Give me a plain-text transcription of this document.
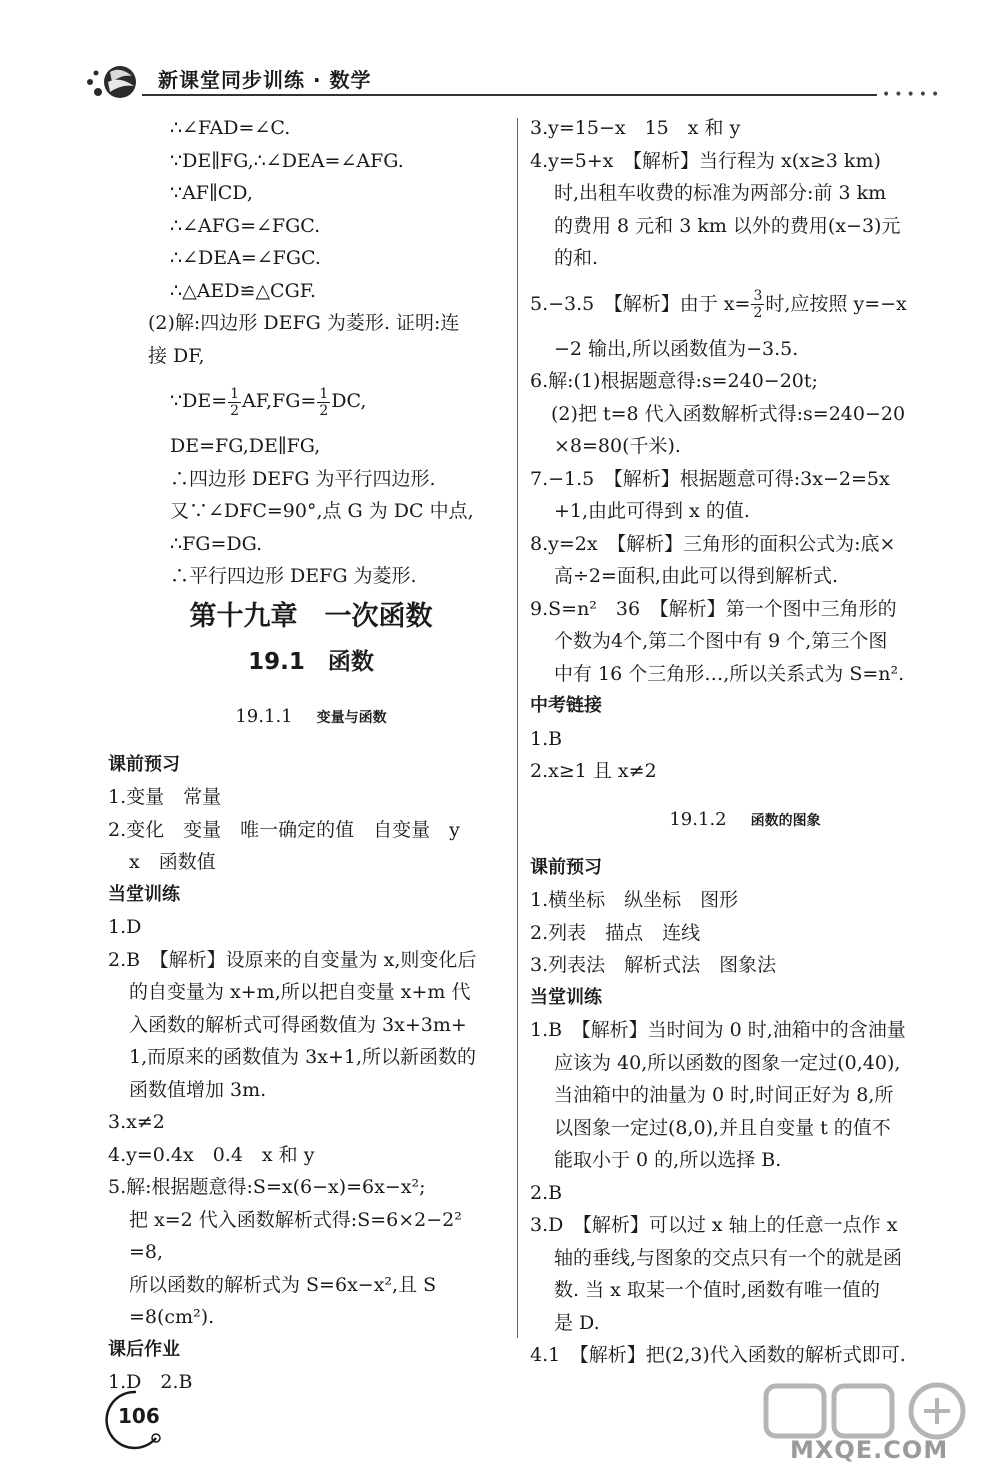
新课堂同步训练 · 数学
•••••
∴∠FAD=∠C.
∵DE∥FG,∴∠DEA=∠AFG.
∵AF∥CD,
∴∠AFG=∠FGC.
∴∠DEA=∠FGC.
∴△AED≌△CGF.
(2)解:四边形 DEFG 为菱形. 证明:连
接 DF,
∵DE= $\frac{1}{2} AF,FG= \frac{1}{2}$ DC,
DE=FG,DE∥FG,
∴四边形 DEFG 为平行四边形.
又∵∠DFC=90°,点 G 为 DC 中点,
∴FG=DG.
∴平行四边形 DEFG 为菱形.
第十九章　一次函数
19.1　函数
19.1.1 变量与函数
课前预习
1.变量　常量
2.变化　变量　唯一确定的值　自变量　y
x　函数值
当堂训练
1.D
2.B　【解析】设原来的自变量为 x,则变化后
的自变量为 x+m,所以把自变量 x+m 代
入函数的解析式可得函数值为 3x+3m+
1,而原来的函数值为 3x+1,所以新函数的
函数值增加 3m.
3.x≠2
4.y=0.4x　0.4　x 和 y
5.解:根据题意得:S=x(6−x)=6x−x²;
把 x=2 代入函数解析式得:S=6×2−2²
=8,
所以函数的解析式为 S=6x−x²,且 S
=8(cm²).
课后作业
1.D　2.B
3.y=15−x　15　x 和 y
4.y=5+x　【解析】当行程为 x(x≥3 km)
时,出租车收费的标准为两部分:前 3 km
的费用 8 元和 3 km 以外的费用(x−3)元
的和.
5.−3.5　【解析】由于 $x= \frac{3}{2}$ 时,应按照 y=−x
−2 输出,所以函数值为−3.5.
6.解:(1)根据题意得:s=240−20t;
(2)把 t=8 代入函数解析式得:s=240−20
×8=80(千米).
7.−1.5　【解析】根据题意可得:3x−2=5x
+1,由此可得到 x 的值.
8.y=2x　【解析】三角形的面积公式为:底×
高÷2=面积,由此可以得到解析式.
9.S=n²　36　【解析】第一个图中三角形的
个数为4个,第二个图中有 9 个,第三个图
中有 16 个三角形…,所以关系式为 S=n².
中考链接
1.B
2.x≥1 且 x≠2
19.1.2 函数的图象
课前预习
1.横坐标　纵坐标　图形
2.列表　描点　连线
3.列表法　解析式法　图象法
当堂训练
1.B　【解析】当时间为 0 时,油箱中的含油量
应该为 40,所以函数的图象一定过(0,40),
当油箱中的油量为 0 时,时间正好为 8,所
以图象一定过(8,0),并且自变量 t 的值不
能取小于 0 的,所以选择 B.
2.B
3.D　【解析】可以过 x 轴上的任意一点作 x
轴的垂线,与图象的交点只有一个的就是函
数. 当 x 取某一个值时,函数有唯一值的
是 D.
4.1　【解析】把(2,3)代入函数的解析式即可.
106
MXQE.COM
